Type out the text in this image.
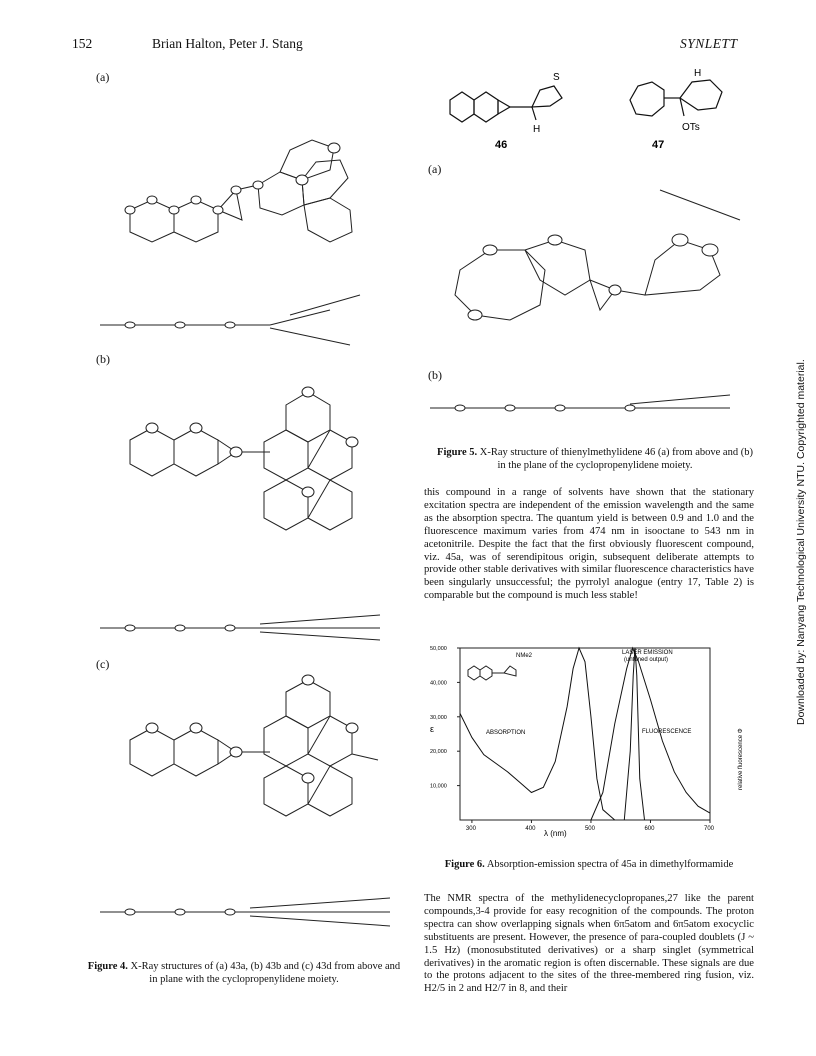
152	Brian Halton, Peter J. Stang	SYNLETT
(a)
(b)
(c)
Figure 4. X-Ray structures of (a) 43a, (b) 43b and (c) 43d from above and in plane with the cyclopropenylidene moiety.
S
H
H
OTs
46	47
(a)
(b)
Figure 5. X-Ray structure of thienylmethylidene 46 (a) from above and (b) in the plane of the cyclopropenylidene moiety.
this compound in a range of solvents have shown that the stationary excitation spectra are independent of the emission wavelength and the same as the absorption spectra. The quantum yield is between 0.9 and 1.0 and the fluorescence maximum varies from 474 nm in isooctane to 543 nm in acetonitrile. Despite the fact that the first obviously fluorescent compound, viz. 45a, was of serendipitous origin, subsequent deliberate attempts to provide other stable derivatives with similar fluorescence characteristics have been singularly unsuccessful; the pyrrolyl analogue (entry 17, Table 2) is comparable but the compound is much less stable!
300	400	500	600	700
10,000
20,000
30,000
40,000
50,000
LASER EMISSION
(untuned output)
ABSORPTION	FLUORESCENCE
NMe2
λ (nm)
ε	relative fluorescence Φ
Figure 6. Absorption-emission spectra of 45a in dimethylformamide
The NMR spectra of the methylidenecyclopropanes,27 like the parent compounds,3-4 provide for easy recognition of the compounds. The proton spectra can show overlapping signals when 6π5atom and 6π5atom exocyclic substituents are present. However, the presence of para-coupled doublets (J ~ 1.5 Hz) (monosubstituted derivatives) or a sharp singlet (symmetrical derivatives) in the aromatic region is often discernable. These signals are due to the protons adjacent to the sites of the three-membered ring fusion, viz. H2/5 in 2 and H2/7 in 8, and their
Downloaded by: Nanyang Technological University NTU. Copyrighted material.
